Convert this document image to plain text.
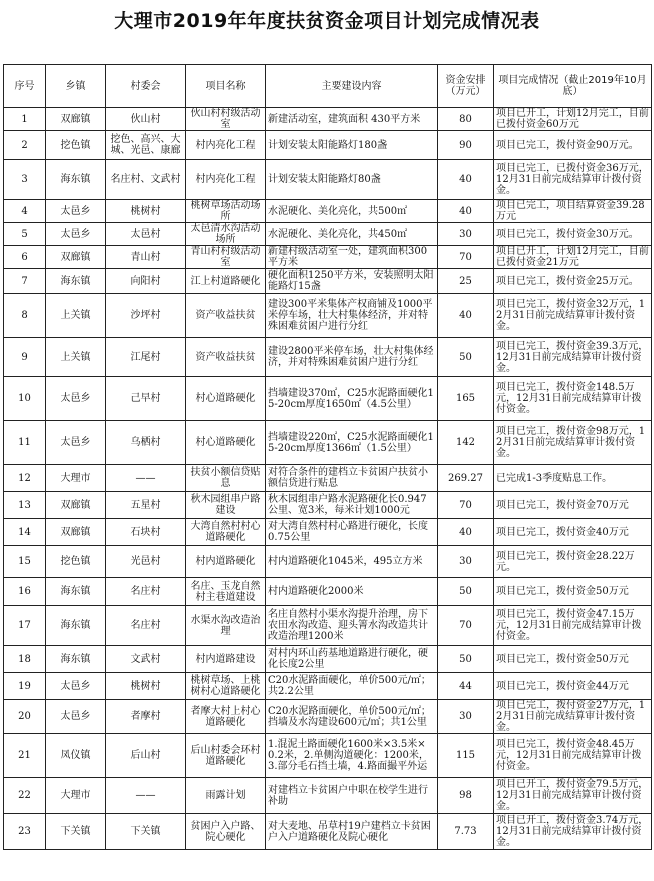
大理市2019年年度扶贫资金项目计划完成情况表
序号	乡镇	村委会	项目名称	主要建设内容	资金安排（万元）	项目完成情况（截止2019年10月底）
1	双廊镇	伙山村	伙山村村级活动室	新建活动室，建筑面积 430平方米	80	项目已开工，计划12月完工，目前已拨付资金60万元
2	挖色镇	挖色、高兴、大城、光邑、康廊	村内亮化工程	计划安装太阳能路灯180盏	90	项目已完工，拨付资金90万元。
3	海东镇	名庄村、文武村	村内亮化工程	计划安装太阳能路灯80盏	40	项目已完工，已拨付资金36万元，12月31日前完成结算审计拨付资金。
4	太邑乡	桃树村	桃树草场活动场所	水泥硬化、美化亮化，共500㎡	40	项目已完工，项目结算资金39.28万元
5	太邑乡	太邑村	太邑清水沟活动场所	水泥硬化、美化亮化，共450㎡	30	项目已完工，拨付资金30万元。
6	双廊镇	青山村	青山村村级活动室	新建村级活动室一处，建筑面积300平方米	70	项目已开工，计划12月完工，目前已拨付资金21万元
7	海东镇	向阳村	江上村道路硬化	硬化面积1250平方米，安装照明太阳能路灯15盏	25	项目已完工，拨付资金25万元。
8	上关镇	沙坪村	资产收益扶贫	建设300平米集体产权商铺及1000平米停车场，壮大村集体经济，并对特殊困难贫困户进行分红	40	项目已完工，拨付资金32万元，12月31日前完成结算审计拨付资金。
9	上关镇	江尾村	资产收益扶贫	建设2800平米停车场，壮大村集体经济，并对特殊困难贫困户进行分红	50	项目已完工，拨付资金39.3万元，12月31日前完成结算审计拨付资金。
10	太邑乡	己早村	村心道路硬化	挡墙建设370㎡，C25水泥路面硬化15-20cm厚度1650㎡（4.5公里）	165	项目已完工，拨付资金148.5万元，12月31日前完成结算审计拨付资金。
11	太邑乡	乌栖村	村心道路硬化	挡墙建设220㎡，C25水泥路面硬化15-20cm厚度1366㎡（1.5公里）	142	项目已完工，拨付资金98万元，12月31日前完成结算审计拨付资金。
12	大理市	——	扶贫小额信贷贴息	对符合条件的建档立卡贫困户扶贫小额信贷进行贴息	269.27	已完成1-3季度贴息工作。
13	双廊镇	五星村	秋木园组串户路建设	秋木园组串户路水泥路硬化长0.947公里、宽3米，每米计划1000元	70	项目已完工，拨付资金70万元
14	双廊镇	石块村	大湾自然村村心道路硬化	对大湾自然村村心路进行硬化，长度0.75公里	40	项目已完工，拨付资金40万元
15	挖色镇	光邑村	村内道路硬化	村内道路硬化1045米，495立方米	30	项目已完工，拨付资金28.22万元。
16	海东镇	名庄村	名庄、玉龙自然村主巷道建设	村内道路硬化2000米	50	项目已完工，拨付资金50万元
17	海东镇	名庄村	水渠水沟改造治理	名庄自然村小渠水沟提升治理，房下农田水沟改造、迎头箐水沟改造共计改造治理1200米	70	项目已完工，拨付资金47.15万元，12月31日前完成结算审计拨付资金。
18	海东镇	文武村	村内道路建设	对村内环山药基地道路进行硬化，硬化长度2公里	50	项目已完工，拨付资金50万元
19	太邑乡	桃树村	桃树草场、上桃树村心道路硬化	C20水泥路面硬化，单价500元/㎡；共2.2公里	44	项目已完工，拨付资金44万元
20	太邑乡	者摩村	者摩大村上村心道路硬化	C20水泥路面硬化，单价500元/㎡；挡墙及水沟建设600元/㎡；共1公里	30	项目已完工，拨付资金27万元，12月31日前完成结算审计拨付资金。
21	凤仪镇	后山村	后山村委会环村道路硬化	1.混泥土路面硬化1600米×3.5米×0.2米，2.单侧沟道硬化：1200米，3.部分毛石挡土墙，4.路面撮平外运	115	项目已完工，拨付资金48.45万元，12月31日前完成结算审计拨付资金。
22	大理市	——	雨露计划	对建档立卡贫困户中职在校学生进行补助	98	项目已开工，拨付资金79.5万元，12月31日前完成结算审计拨付资金。
23	下关镇	下关镇	贫困户入户路、院心硬化	对大麦地、吊草村19户建档立卡贫困户入户道路硬化及院心硬化	7.73	项目已开工，拨付资金3.74万元，12月31日前完成结算审计拨付资金。
